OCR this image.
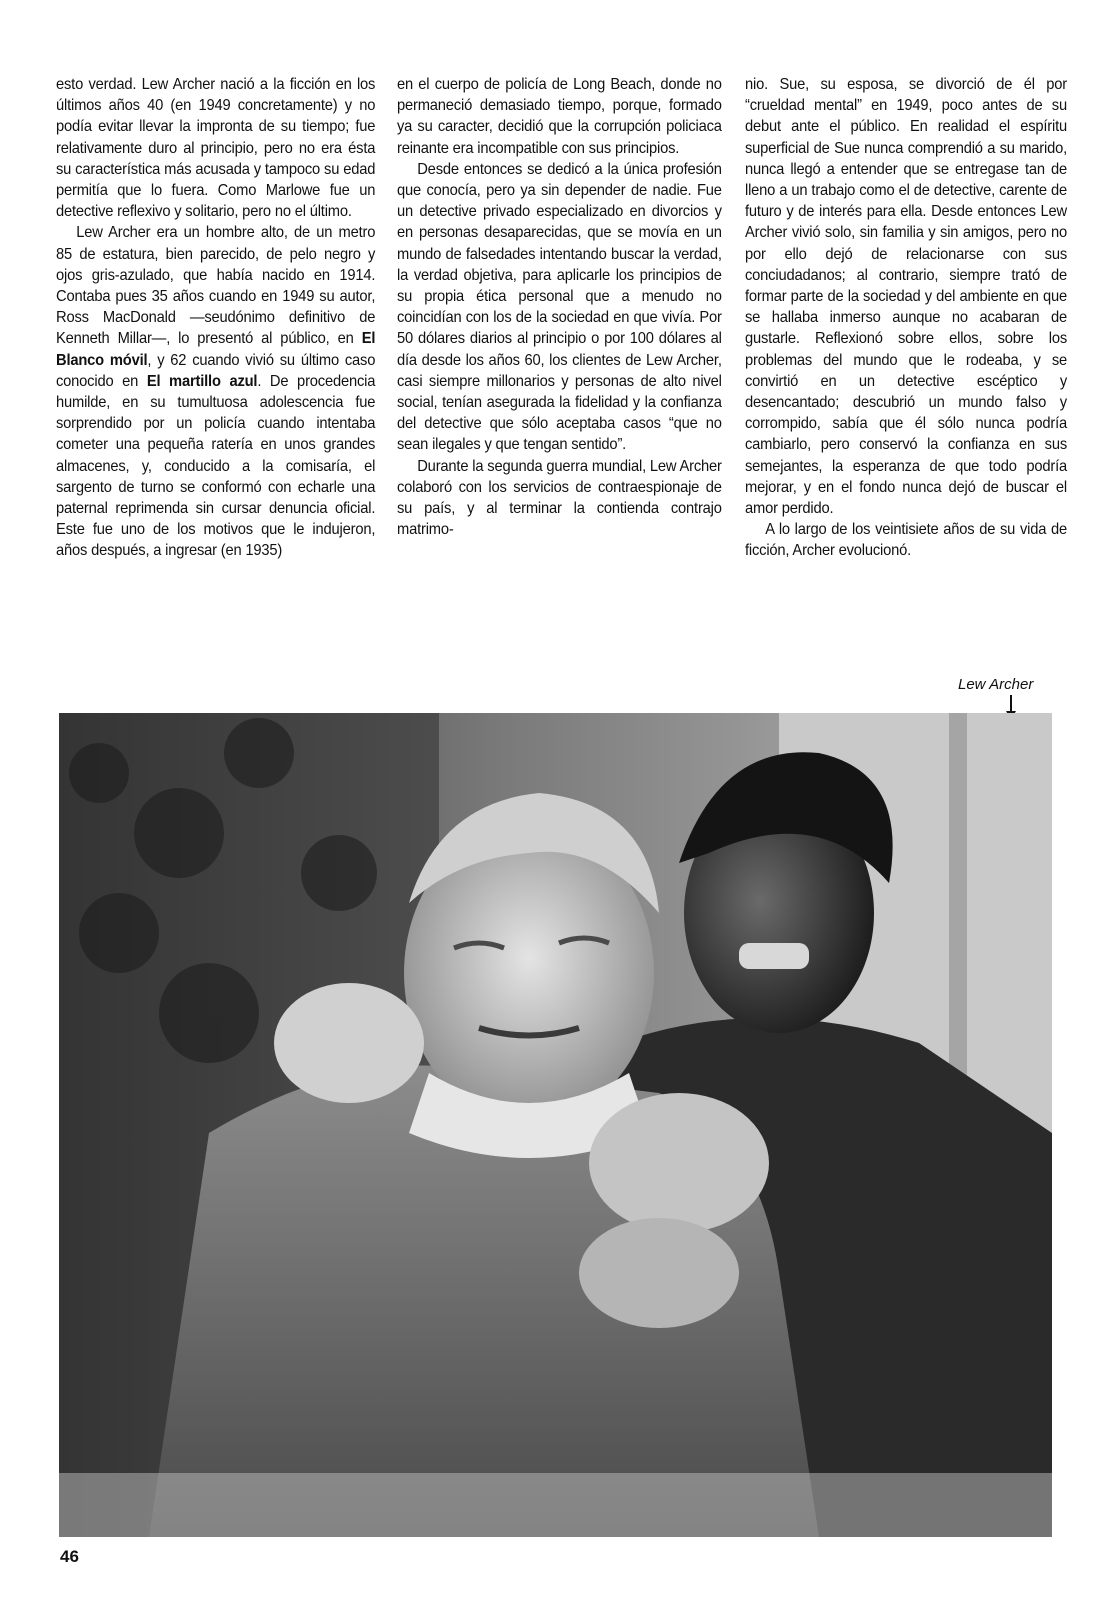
esto verdad. Lew Archer nació a la ficción en los últimos años 40 (en 1949 concretamente) y no podía evitar llevar la impronta de su tiempo; fue relativamente duro al principio, pero no era ésta su característica más acusada y tampoco su edad permitía que lo fuera. Como Marlowe fue un detective reflexivo y solitario, pero no el último.

Lew Archer era un hombre alto, de un metro 85 de estatura, bien parecido, de pelo negro y ojos gris-azulado, que había nacido en 1914. Contaba pues 35 años cuando en 1949 su autor, Ross MacDonald —seudónimo definitivo de Kenneth Millar—, lo presentó al público, en El Blanco móvil, y 62 cuando vivió su último caso conocido en El martillo azul. De procedencia humilde, en su tumultuosa adolescencia fue sorprendido por un policía cuando intentaba cometer una pequeña ratería en unos grandes almacenes, y, conducido a la comisaría, el sargento de turno se conformó con echarle una paternal reprimenda sin cursar denuncia oficial. Este fue uno de los motivos que le indujeron, años después, a ingresar (en 1935)

en el cuerpo de policía de Long Beach, donde no permaneció demasiado tiempo, porque, formado ya su caracter, decidió que la corrupción policiaca reinante era incompatible con sus principios.

Desde entonces se dedicó a la única profesión que conocía, pero ya sin depender de nadie. Fue un detective privado especializado en divorcios y en personas desaparecidas, que se movía en un mundo de falsedades intentando buscar la verdad, la verdad objetiva, para aplicarle los principios de su propia ética personal que a menudo no coincidían con los de la sociedad en que vivía. Por 50 dólares diarios al principio o por 100 dólares al día desde los años 60, los clientes de Lew Archer, casi siempre millonarios y personas de alto nivel social, tenían asegurada la fidelidad y la confianza del detective que sólo aceptaba casos “que no sean ilegales y que tengan sentido”.

Durante la segunda guerra mundial, Lew Archer colaboró con los servicios de contraespionaje de su país, y al terminar la contienda contrajo matrimo-

nio. Sue, su esposa, se divorció de él por “crueldad mental” en 1949, poco antes de su debut ante el público. En realidad el espíritu superficial de Sue nunca comprendió a su marido, nunca llegó a entender que se entregase tan de lleno a un trabajo como el de detective, carente de futuro y de interés para ella. Desde entonces Lew Archer vivió solo, sin familia y sin amigos, pero no por ello dejó de relacionarse con sus conciudadanos; al contrario, siempre trató de formar parte de la sociedad y del ambiente en que se hallaba inmerso aunque no acabaran de gustarle. Reflexionó sobre ellos, sobre los problemas del mundo que le rodeaba, y se convirtió en un detective escéptico y desencantado; descubrió un mundo falso y corrompido, sabía que él sólo nunca podría cambiarlo, pero conservó la confianza en sus semejantes, la esperanza de que todo podría mejorar, y en el fondo nunca dejó de buscar el amor perdido.

A lo largo de los veintisiete años de su vida de ficción, Archer evolucionó.

Lew Archer
46
